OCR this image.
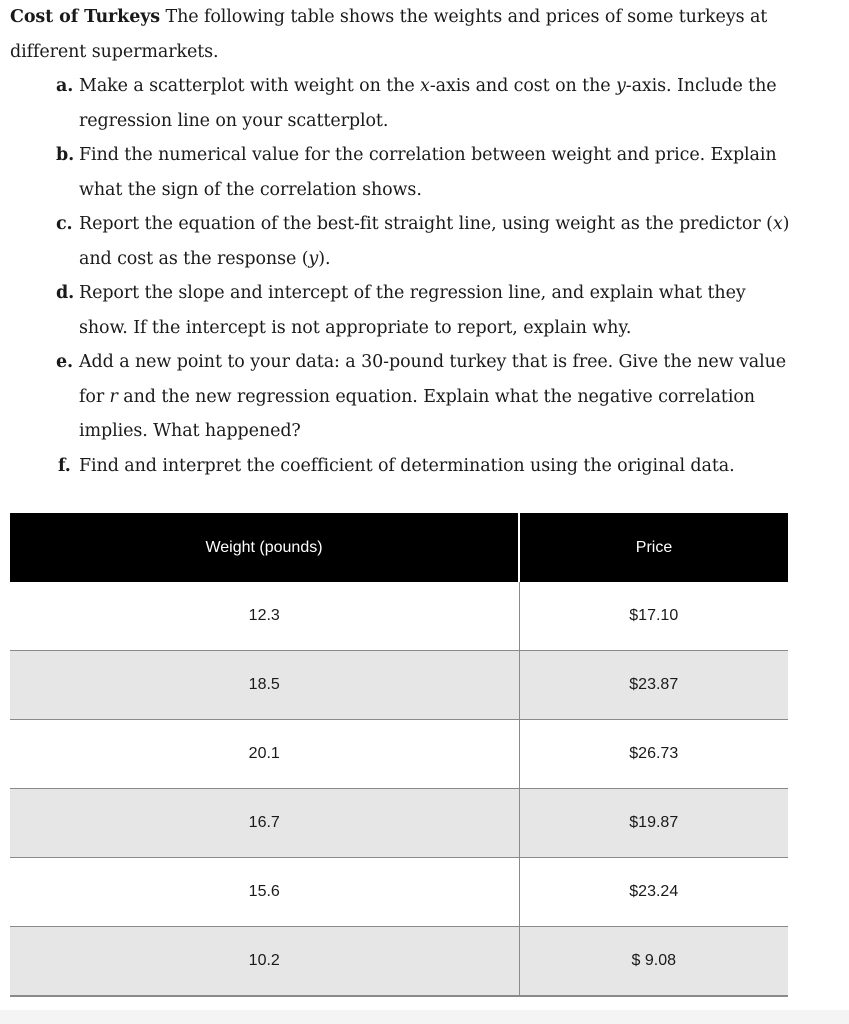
Cost of Turkeys The following table shows the weights and prices of some turkeys at
different supermarkets.

a. Make a scatterplot with weight on the x-axis and cost on the y-axis. Include the
regression line on your scatterplot.
b. Find the numerical value for the correlation between weight and price. Explain
what the sign of the correlation shows.
c. Report the equation of the best-fit straight line, using weight as the predictor (x)
and cost as the response (y).
d. Report the slope and intercept of the regression line, and explain what they
show. If the intercept is not appropriate to report, explain why.
e. Add a new point to your data: a 30-pound turkey that is free. Give the new value
for r and the new regression equation. Explain what the negative correlation
implies. What happened?
f. Find and interpret the coefficient of determination using the original data.
Weight (pounds)	Price
12.3	$17.10
18.5	$23.87
20.1	$26.73
16.7	$19.87
15.6	$23.24
10.2	$ 9.08
